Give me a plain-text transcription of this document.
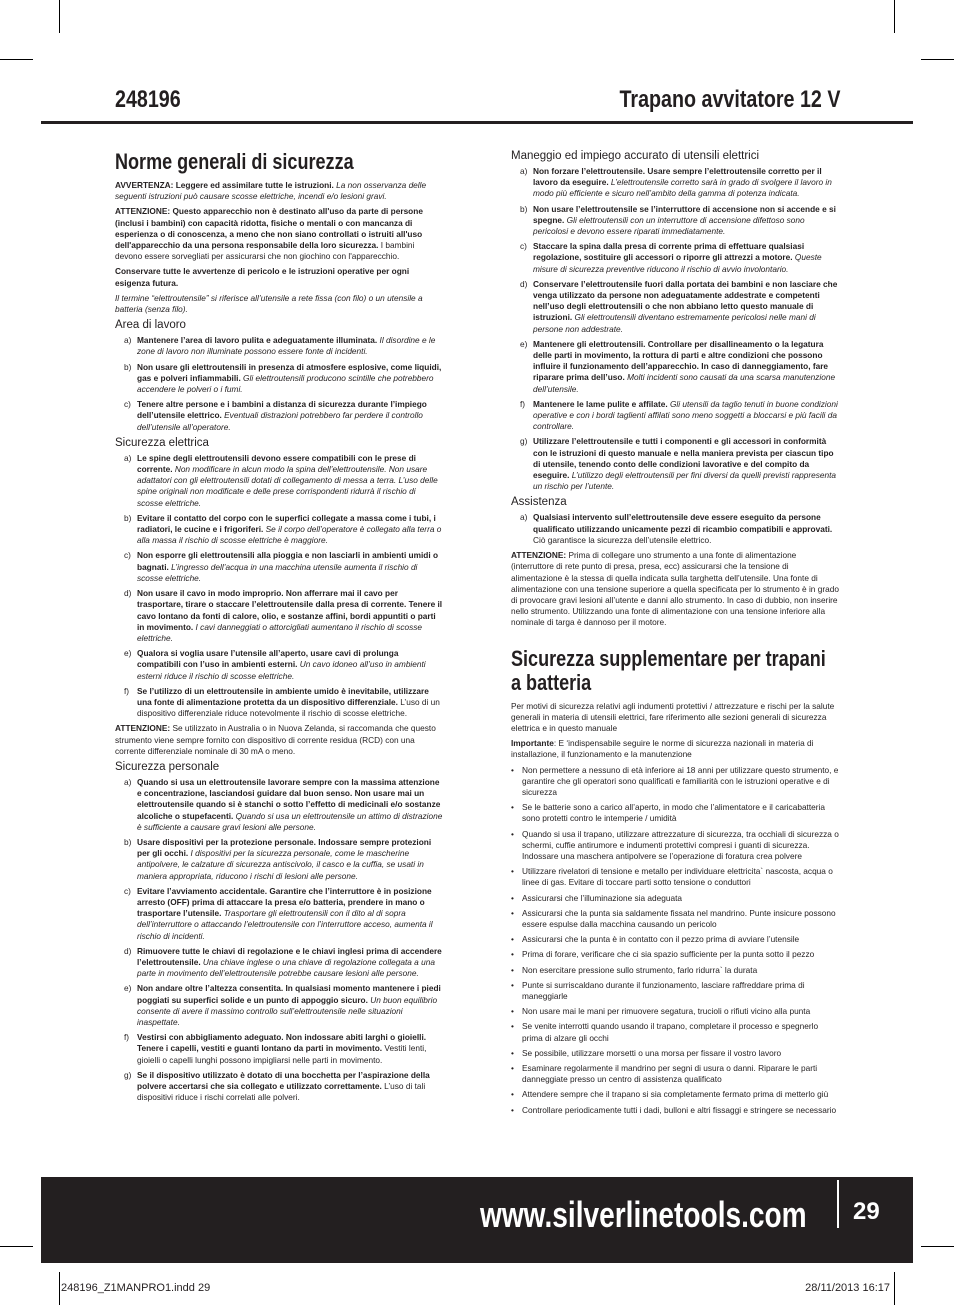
248196	Trapano avvitatore 12 V
Norme generali di sicurezza

AVVERTENZA: Leggere ed assimilare tutte le istruzioni. La non osservanza delle seguenti istruzioni può causare scosse elettriche, incendi e/o lesioni gravi.

ATTENZIONE: Questo apparecchio non è destinato all'uso da parte di persone (inclusi i bambini) con capacità ridotta, fisiche o mentali o con mancanza di esperienza o di conoscenza, a meno che non siano controllati o istruiti all'uso dell'apparecchio da una persona responsabile della loro sicurezza. I bambini devono essere sorvegliati per assicurarsi che non giochino con l'apparecchio.

Conservare tutte le avvertenze di pericolo e le istruzioni operative per ogni esigenza futura.

Il termine “elettroutensile” si riferisce all’utensile a rete fissa (con filo) o un utensile a batteria (senza filo).

Area di lavoro
a) Mantenere l’area di lavoro pulita e adeguatamente illuminata. Il disordine e le zone di lavoro non illuminate possono essere fonte di incidenti.
b) Non usare gli elettroutensili in presenza di atmosfere esplosive, come liquidi, gas e polveri infiammabili. Gli elettroutensili producono scintille che potrebbero accendere le polveri o i fumi.
c) Tenere altre persone e i bambini a distanza di sicurezza durante l’impiego dell’utensile elettrico. Eventuali distrazioni potrebbero far perdere il controllo dell’utensile all’operatore.
Sicurezza elettrica
a) Le spine degli elettroutensili devono essere compatibili con le prese di corrente. Non modificare in alcun modo la spina dell’elettroutensile. Non usare adattatori con gli elettroutensili dotati di collegamento di messa a terra. L’uso delle spine originali non modificate e delle prese corrispondenti ridurrà il rischio di scosse elettriche.
b) Evitare il contatto del corpo con le superfici collegate a massa come i tubi, i radiatori, le cucine e i frigoriferi. Se il corpo dell’operatore è collegato alla terra o alla massa il rischio di scosse elettriche è maggiore.
c) Non esporre gli elettroutensili alla pioggia e non lasciarli in ambienti umidi o bagnati. L’ingresso dell’acqua in una macchina utensile aumenta il rischio di scosse elettriche.
d) Non usare il cavo in modo improprio. Non afferrare mai il cavo per trasportare, tirare o staccare l’elettroutensile dalla presa di corrente. Tenere il cavo lontano da fonti di calore, olio, e sostanze affini, bordi appuntiti o parti in movimento. I cavi danneggiati o attorcigliati aumentano il rischio di scosse elettriche.
e) Qualora si voglia usare l’utensile all’aperto, usare cavi di prolunga compatibili con l’uso in ambienti esterni. Un cavo idoneo all’uso in ambienti esterni riduce il rischio di scosse elettriche.
f) Se l’utilizzo di un elettroutensile in ambiente umido è inevitabile, utilizzare una fonte di alimentazione protetta da un dispositivo differenziale. L’uso di un dispositivo differenziale riduce notevolmente il rischio di scosse elettriche.

ATTENZIONE: Se utilizzato in Australia o in Nuova Zelanda, si raccomanda che questo strumento viene sempre fornito con dispositivo di corrente residua (RCD) con una corrente differenziale nominale di 30 mA o meno.

Sicurezza personale
a) Quando si usa un elettroutensile lavorare sempre con la massima attenzione e concentrazione, lasciandosi guidare dal buon senso. Non usare mai un elettroutensile quando si è stanchi o sotto l’effetto di medicinali e/o sostanze alcoliche o stupefacenti. Quando si usa un elettroutensile un attimo di distrazione è sufficiente a causare gravi lesioni alle persone.
b) Usare dispositivi per la protezione personale. Indossare sempre protezioni per gli occhi. I dispositivi per la sicurezza personale, come le mascherine antipolvere, le calzature di sicurezza antiscivolo, il casco e la cuffia, se usati in maniera appropriata, riducono i rischi di lesioni alle persone.
c) Evitare l’avviamento accidentale. Garantire che l’interruttore è in posizione arresto (OFF) prima di attaccare la presa e/o batteria, prendere in mano o trasportare l’utensile. Trasportare gli elettroutensili con il dito al di sopra dell’interruttore o attaccando l’elettroutensile con l’interruttore acceso, aumenta il rischio di incidenti.
d) Rimuovere tutte le chiavi di regolazione e le chiavi inglesi prima di accendere l’elettroutensile. Una chiave inglese o una chiave di regolazione collegata a una parte in movimento dell’elettroutensile potrebbe causare lesioni alle persone.
e) Non andare oltre l’altezza consentita. In qualsiasi momento mantenere i piedi poggiati su superfici solide e un punto di appoggio sicuro. Un buon equilibrio consente di avere il massimo controllo sull’elettroutensile nelle situazioni inaspettate.
f) Vestirsi con abbigliamento adeguato. Non indossare abiti larghi o gioielli. Tenere i capelli, vestiti e guanti lontano da parti in movimento. Vestiti lenti, gioielli o capelli lunghi possono impigliarsi nelle parti in movimento.
g) Se il dispositivo utilizzato è dotato di una bocchetta per l’aspirazione della polvere accertarsi che sia collegato e utilizzato correttamente. L’uso di tali dispositivi riduce i rischi correlati alle polveri.
Maneggio ed impiego accurato di utensili elettrici
a) Non forzare l’elettroutensile. Usare sempre l’elettroutensile corretto per il lavoro da eseguire. L’elettroutensile corretto sarà in grado di svolgere il lavoro in modo più efficiente e sicuro nell’ambito della gamma di potenza indicata.
b) Non usare l’elettroutensile se l’interruttore di accensione non si accende e si spegne. Gli elettroutensili con un interruttore di accensione difettoso sono pericolosi e devono essere riparati immediatamente.
c) Staccare la spina dalla presa di corrente prima di effettuare qualsiasi regolazione, sostituire gli accessori o riporre gli attrezzi a motore. Queste misure di sicurezza preventive riducono il rischio di avvio involontario.
d) Conservare l’elettroutensile fuori dalla portata dei bambini e non lasciare che venga utilizzato da persone non adeguatamente addestrate e competenti nell’uso degli elettroutensili o che non abbiano letto questo manuale di istruzioni. Gli elettroutensili diventano estremamente pericolosi nelle mani di persone non addestrate.
e) Mantenere gli elettroutensili. Controllare per disallineamento o la legatura delle parti in movimento, la rottura di parti e altre condizioni che possono influire il funzionamento dell’apparecchio. In caso di danneggiamento, fare riparare prima dell’uso. Molti incidenti sono causati da una scarsa manutenzione dell’utensile.
f) Mantenere le lame pulite e affilate. Gli utensili da taglio tenuti in buone condizioni operative e con i bordi taglienti affilati sono meno soggetti a bloccarsi e più facili da controllare.
g) Utilizzare l’elettroutensile e tutti i componenti e gli accessori in conformità con le istruzioni di questo manuale e nella maniera prevista per ciascun tipo di utensile, tenendo conto delle condizioni lavorative e del compito da eseguire. L’utilizzo degli elettroutensili per fini diversi da quelli previsti rappresenta un rischio per l’utente.
Assistenza
a) Qualsiasi intervento sull’elettroutensile deve essere eseguito da persone qualificato utilizzando unicamente pezzi di ricambio compatibili e approvati. Ciò garantisce la sicurezza dell’utensile elettrico.

ATTENZIONE: Prima di collegare uno strumento a una fonte di alimentazione (interruttore di rete punto di presa, presa, ecc) assicurarsi che la tensione di alimentazione è la stessa di quella indicata sulla targhetta dell’utensile. Una fonte di alimentazione con una tensione superiore a quella specificata per lo strumento è in grado di provocare gravi lesioni all’utente e danni allo strumento. In caso di dubbio, non inserire nello strumento. Utilizzando una fonte di alimentazione con una tensione inferiore alla nominale di targa è dannoso per il motore.

Sicurezza supplementare per trapani a batteria

Per motivi di sicurezza relativi agli indumenti protettivi / attrezzature e rischi per la salute generali in materia di utensili elettrici, fare riferimento alle sezioni generali di sicurezza elettrica e in questo manuale

Importante: E ‘indispensabile seguire le norme di sicurezza nazionali in materia di installazione, il funzionamento e la manutenzione

• Non permettere a nessuno di età inferiore ai 18 anni per utilizzare questo strumento, e garantire che gli operatori sono qualificati e familiarità con le istruzioni operative e di sicurezza
• Se le batterie sono a carico all’aperto, in modo che l’alimentatore e il caricabatteria sono protetti contro le intemperie / umidità
• Quando si usa il trapano, utilizzare attrezzature di sicurezza, tra occhiali di sicurezza o schermi, cuffie antirumore e indumenti protettivi compresi i guanti di sicurezza. Indossare una maschera antipolvere se l’operazione di foratura crea polvere
• Utilizzare rivelatori di tensione e metallo per individuare elettricita` nascosta, acqua o linee di gas. Evitare di toccare parti sotto tensione o conduttori
• Assicurarsi che l’illuminazione sia adeguata
• Assicurarsi che la punta sia saldamente fissata nel mandrino. Punte insicure possono essere espulse dalla macchina causando un pericolo
• Assicurarsi che la punta è in contatto con il pezzo prima di avviare l’utensile
• Prima di forare, verificare che ci sia spazio sufficiente per la punta sotto il pezzo
• Non esercitare pressione sullo strumento, farlo ridurra` la durata
• Punte si surriscaldano durante il funzionamento, lasciare raffreddare prima di maneggiarle
• Non usare mai le mani per rimuovere segatura, trucioli o rifiuti vicino alla punta
• Se venite interrotti quando usando il trapano, completare il processo e spegnerlo prima di alzare gli occhi
• Se possibile, utilizzare morsetti o una morsa per fissare il vostro lavoro
• Esaminare regolarmente il mandrino per segni di usura o danni. Riparare le parti danneggiate presso un centro di assistenza qualificato
• Attendere sempre che il trapano si sia completamente fermato prima di metterlo giù
• Controllare periodicamente tutti i dadi, bulloni e altri fissaggi e stringere se necessario
www.silverlinetools.com 29
248196_Z1MANPRO1.indd 29	28/11/2013 16:17
